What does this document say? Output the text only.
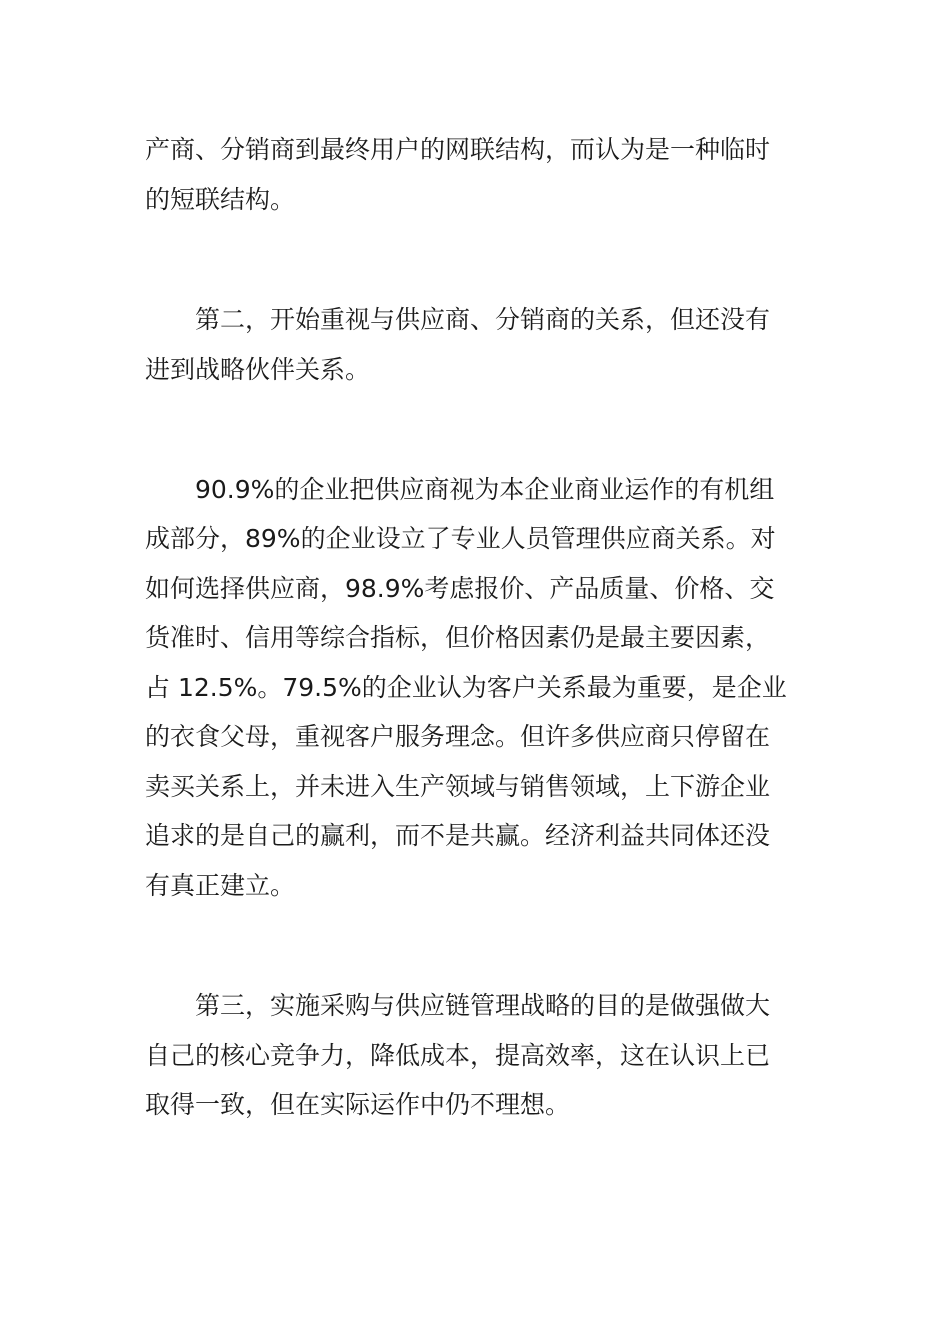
产商、分销商到最终用户的网联结构，而认为是一种临时

的短联结构。

第二，开始重视与供应商、分销商的关系，但还没有

进到战略伙伴关系。

90.9%的企业把供应商视为本企业商业运作的有机组

成部分，89%的企业设立了专业人员管理供应商关系。对

如何选择供应商，98.9%考虑报价、产品质量、价格、交

货准时、信用等综合指标，但价格因素仍是最主要因素，

占 12.5%。79.5%的企业认为客户关系最为重要，是企业

的衣食父母，重视客户服务理念。但许多供应商只停留在

卖买关系上，并未进入生产领域与销售领域，上下游企业

追求的是自己的赢利，而不是共赢。经济利益共同体还没

有真正建立。

第三，实施采购与供应链管理战略的目的是做强做大

自己的核心竞争力，降低成本，提高效率，这在认识上已

取得一致，但在实际运作中仍不理想。
